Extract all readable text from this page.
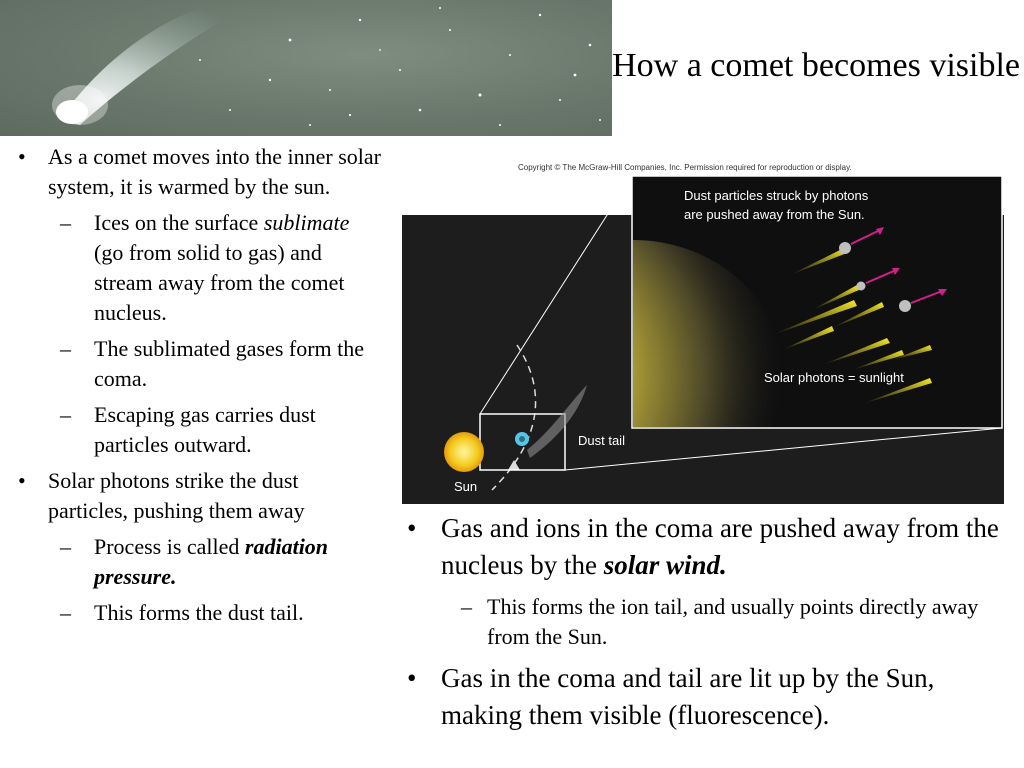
How a comet becomes visible
• As a comet moves into the inner solar system, it is warmed by the sun.
– Ices on the surface sublimate (go from solid to gas) and stream away from the comet nucleus.
– The sublimated gases form the coma.
– Escaping gas carries dust particles outward.
• Solar photons strike the dust particles, pushing them away
– Process is called radiation pressure.
– This forms the dust tail.
Copyright © The McGraw-Hill Companies, Inc. Permission required for reproduction or display.
Dust particles struck by photons
are pushed away from the Sun.
Solar photons = sunlight
Dust tail
Sun
• Gas and ions in the coma are pushed away from the nucleus by the solar wind.
– This forms the ion tail, and usually points directly away from the Sun.
• Gas in the coma and tail are lit up by the Sun, making them visible (fluorescence).
